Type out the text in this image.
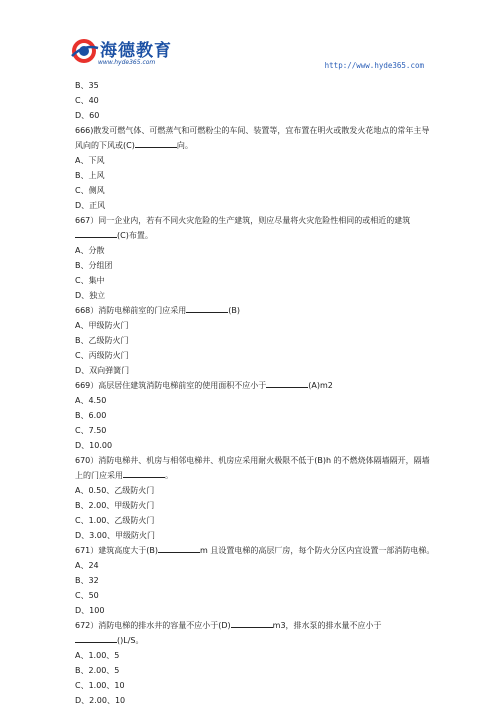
海德教育
www.hyde365.com	http://www.hyde365.com
B、35
C、40
D、60
666)散发可燃气体、可燃蒸气和可燃粉尘的车间、装置等，宜布置在明火或散发火花地点的常年主导风向的下风或(C)	向。
A、下风
B、上风
C、侧风
D、正风
667）同一企业内，若有不同火灾危险的生产建筑，则应尽量将火灾危险性相同的或相近的建筑(C)布置。
A、分散
B、分组团
C、集中
D、独立
668）消防电梯前室的门应采用	(B)
A、甲级防火门
B、乙级防火门
C、丙级防火门
D、双向弹簧门
669）高层居住建筑消防电梯前室的使用面积不应小于	(A)m2
A、4.50
B、6.00
C、7.50
D、10.00
670）消防电梯井、机房与相邻电梯井、机房应采用耐火极限不低于(B)h 的不燃烧体隔墙隔开，隔墙上的门应采用	。
A、0.50、乙级防火门
B、2.00、甲级防火门
C、1.00、乙级防火门
D、3.00、甲级防火门
671）建筑高度大于(B)	m 且设置电梯的高层厂房，每个防火分区内宜设置一部消防电梯。
A、24
B、32
C、50
D、100
672）消防电梯的排水井的容量不应小于(D)	m3，排水泵的排水量不应小于
()L/S。
A、1.00、5
B、2.00、5
C、1.00、10
D、2.00、10
